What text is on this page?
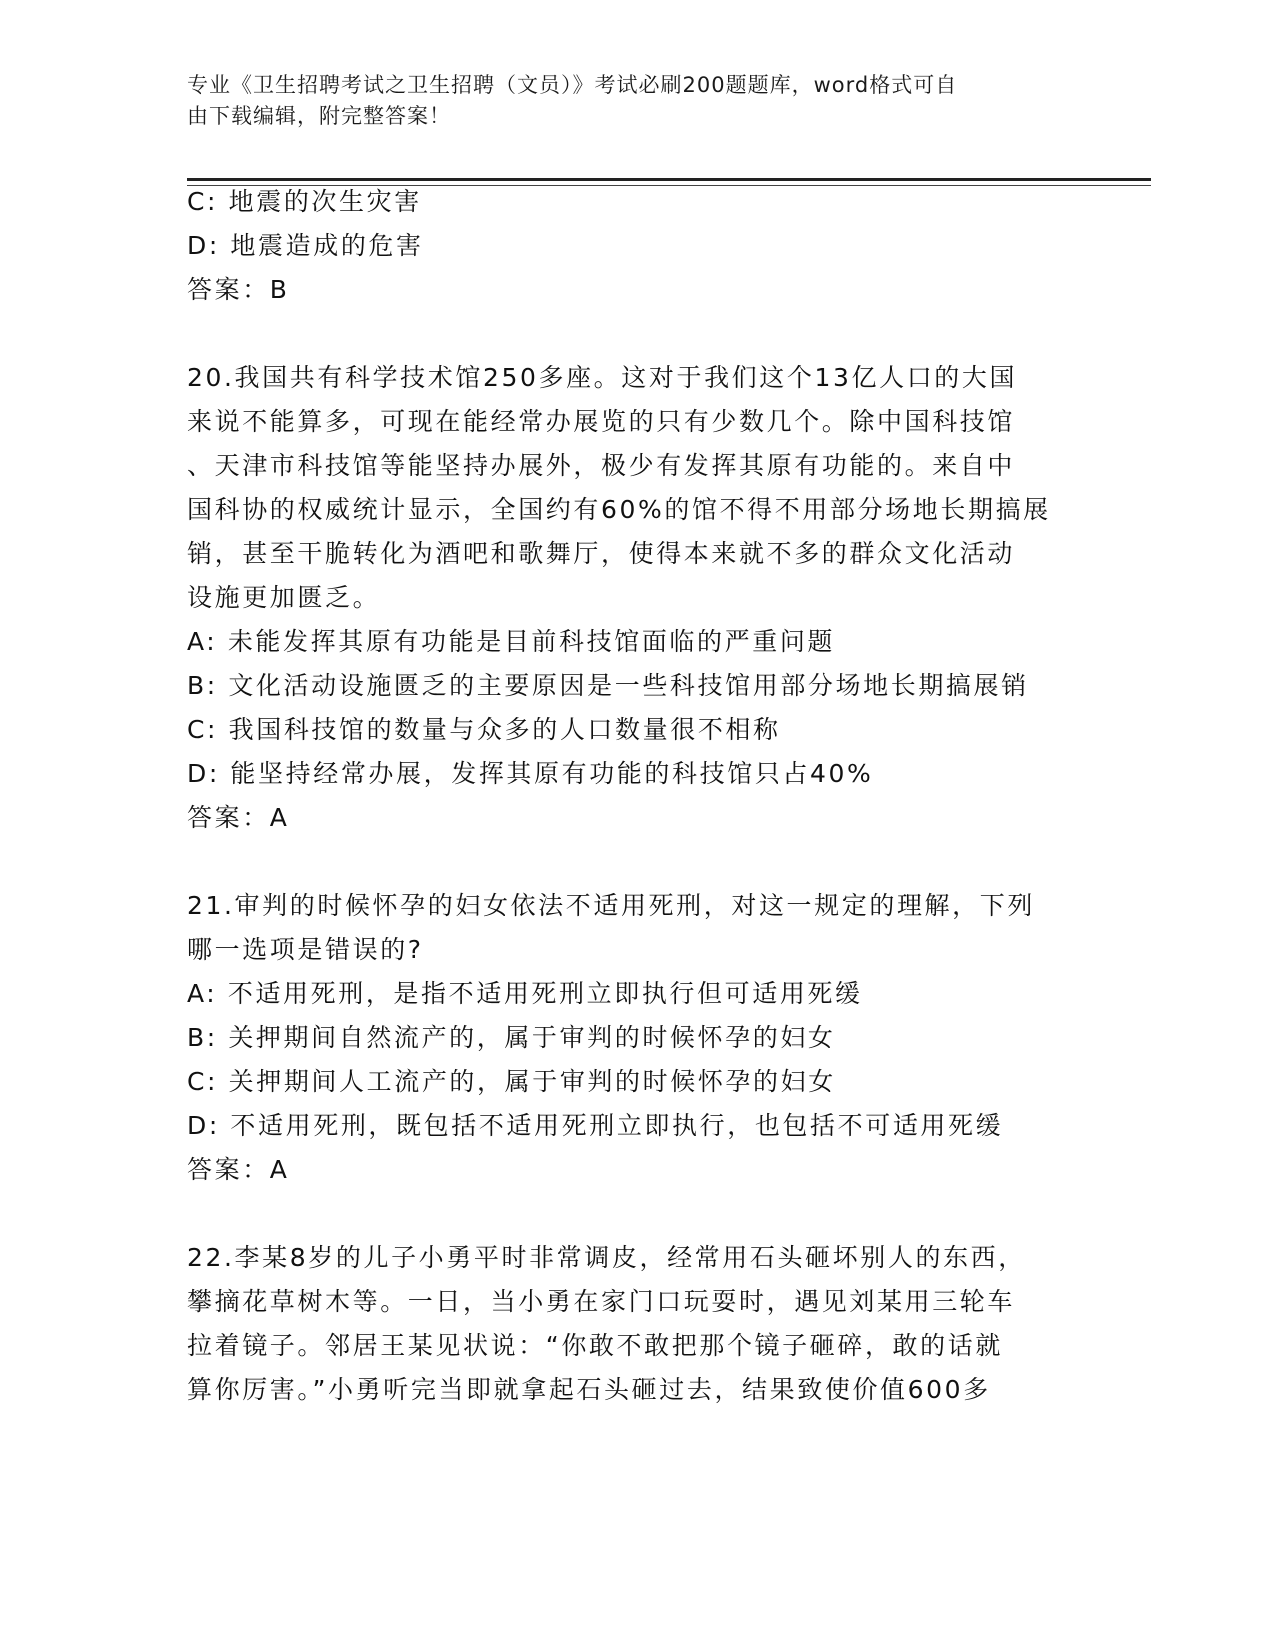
专业《卫生招聘考试之卫生招聘（文员）》考试必刷200题题库，word格式可自
由下载编辑，附完整答案！
C: 地震的次生灾害
D: 地震造成的危害
答案：B
20.我国共有科学技术馆250多座。这对于我们这个13亿人口的大国
来说不能算多，可现在能经常办展览的只有少数几个。除中国科技馆
、天津市科技馆等能坚持办展外，极少有发挥其原有功能的。来自中
国科协的权威统计显示，全国约有60%的馆不得不用部分场地长期搞展
销，甚至干脆转化为酒吧和歌舞厅，使得本来就不多的群众文化活动
设施更加匮乏。
A: 未能发挥其原有功能是目前科技馆面临的严重问题
B: 文化活动设施匮乏的主要原因是一些科技馆用部分场地长期搞展销
C: 我国科技馆的数量与众多的人口数量很不相称
D: 能坚持经常办展，发挥其原有功能的科技馆只占40%
答案：A
21.审判的时候怀孕的妇女依法不适用死刑，对这一规定的理解，下列
哪一选项是错误的?
A: 不适用死刑，是指不适用死刑立即执行但可适用死缓
B: 关押期间自然流产的，属于审判的时候怀孕的妇女
C: 关押期间人工流产的，属于审判的时候怀孕的妇女
D: 不适用死刑，既包括不适用死刑立即执行，也包括不可适用死缓
答案：A
22.李某8岁的儿子小勇平时非常调皮，经常用石头砸坏别人的东西，
攀摘花草树木等。一日，当小勇在家门口玩耍时，遇见刘某用三轮车
拉着镜子。邻居王某见状说：“你敢不敢把那个镜子砸碎，敢的话就
算你厉害。”小勇听完当即就拿起石头砸过去，结果致使价值600多
